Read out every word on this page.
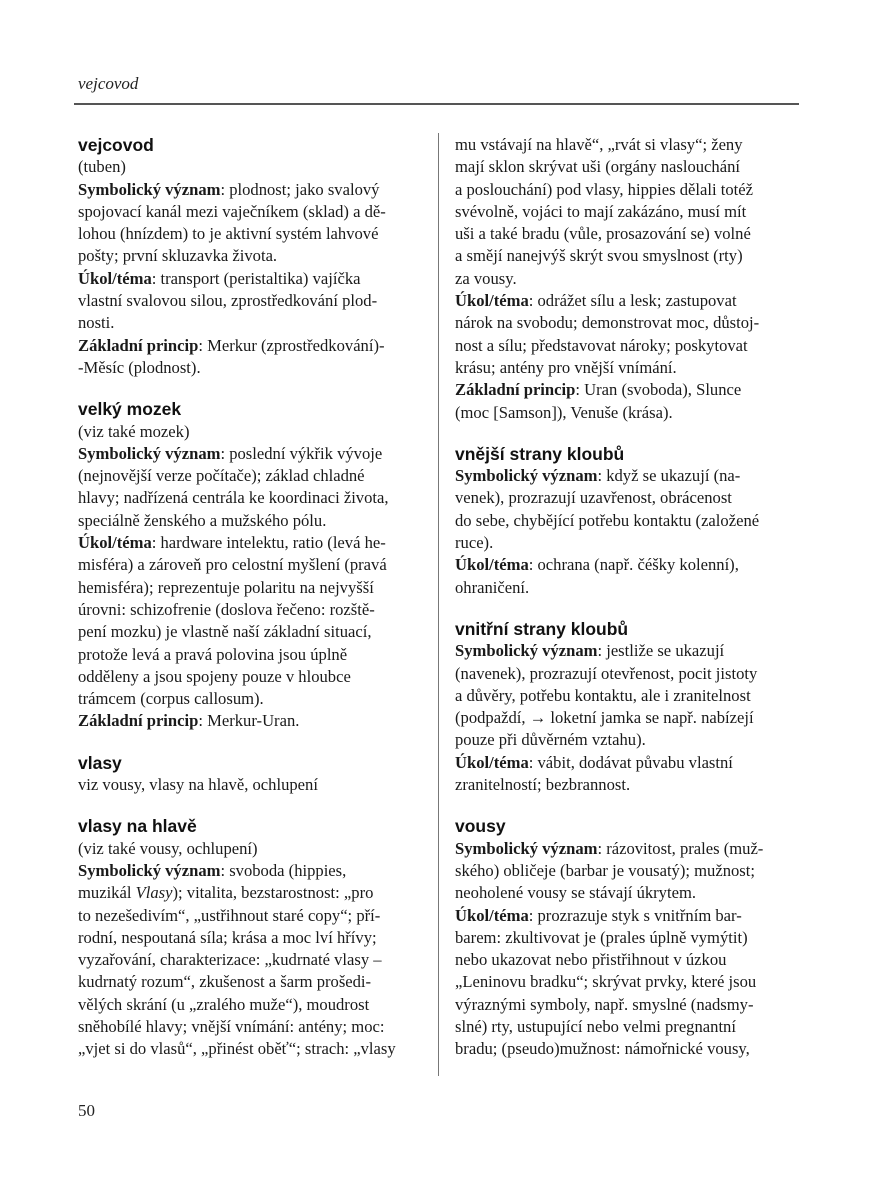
vejcovod
vejcovod
(tuben)
Symbolický význam: plodnost; jako svalový
spojovací kanál mezi vaječníkem (sklad) a dě-
lohou (hnízdem) to je aktivní systém lahvové
pošty; první skluzavka života.
Úkol/téma: transport (peristaltika) vajíčka
vlastní svalovou silou, zprostředkování plod-
nosti.
Základní princip: Merkur (zprostředkování)-
-Měsíc (plodnost).
velký mozek
(viz také mozek)
Symbolický význam: poslední výkřik vývoje
(nejnovější verze počítače); základ chladné
hlavy; nadřízená centrála ke koordinaci života,
speciálně ženského a mužského pólu.
Úkol/téma: hardware intelektu, ratio (levá he-
misféra) a zároveň pro celostní myšlení (pravá
hemisféra); reprezentuje polaritu na nejvyšší
úrovni: schizofrenie (doslova řečeno: rozště-
pení mozku) je vlastně naší základní situací,
protože levá a pravá polovina jsou úplně
odděleny a jsou spojeny pouze v hloubce
trámcem (corpus callosum).
Základní princip: Merkur-Uran.
vlasy
viz vousy, vlasy na hlavě, ochlupení
vlasy na hlavě
(viz také vousy, ochlupení)
Symbolický význam: svoboda (hippies,
muzikál Vlasy); vitalita, bezstarostnost: „pro
to nezešedivím“, „ustřihnout staré copy“; pří-
rodní, nespoutaná síla; krása a moc lví hřívy;
vyzařování, charakterizace: „kudrnaté vlasy –
kudrnatý rozum“, zkušenost a šarm prošedi-
vělých skrání (u „zralého muže“), moudrost
sněhobílé hlavy; vnější vnímání: antény; moc:
„vjet si do vlasů“, „přinést oběť“; strach: „vlasy
mu vstávají na hlavě“, „rvát si vlasy“; ženy
mají sklon skrývat uši (orgány naslouchání
a poslouchání) pod vlasy, hippies dělali totéž
svévolně, vojáci to mají zakázáno, musí mít
uši a také bradu (vůle, prosazování se) volné
a smějí nanejvýš skrýt svou smyslnost (rty)
za vousy.
Úkol/téma: odrážet sílu a lesk; zastupovat
nárok na svobodu; demonstrovat moc, důstoj-
nost a sílu; představovat nároky; poskytovat
krásu; antény pro vnější vnímání.
Základní princip: Uran (svoboda), Slunce
(moc [Samson]), Venuše (krása).
vnější strany kloubů
Symbolický význam: když se ukazují (na-
venek), prozrazují uzavřenost, obrácenost
do sebe, chybějící potřebu kontaktu (založené
ruce).
Úkol/téma: ochrana (např. čéšky kolenní),
ohraničení.
vnitřní strany kloubů
Symbolický význam: jestliže se ukazují
(navenek), prozrazují otevřenost, pocit jistoty
a důvěry, potřebu kontaktu, ale i zranitelnost
(podpaždí, → loketní jamka se např. nabízejí
pouze při důvěrném vztahu).
Úkol/téma: vábit, dodávat půvabu vlastní
zranitelností; bezbrannost.
vousy
Symbolický význam: rázovitost, prales (muž-
ského) obličeje (barbar je vousatý); mužnost;
neoholené vousy se stávají úkrytem.
Úkol/téma: prozrazuje styk s vnitřním bar-
barem: zkultivovat je (prales úplně vymýtit)
nebo ukazovat nebo přistřihnout v úzkou
„Leninovu bradku“; skrývat prvky, které jsou
výraznými symboly, např. smyslné (nadsmy-
slné) rty, ustupující nebo velmi pregnantní
bradu; (pseudo)mužnost: námořnické vousy,
50
